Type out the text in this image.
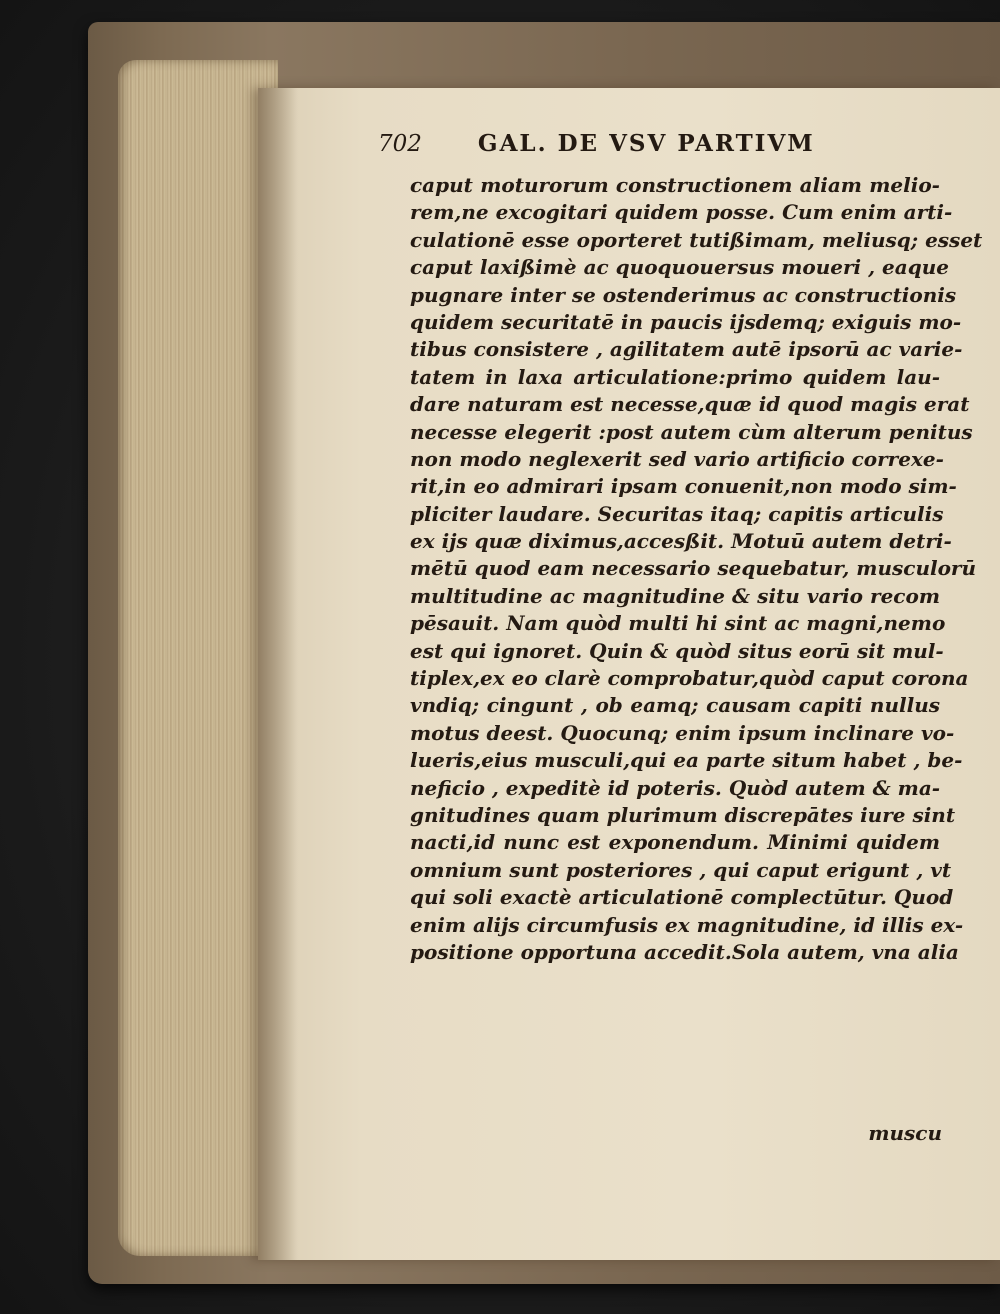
702 GAL. DE VSV PARTIVM
caput moturorum constructionem aliam melio-
rem,ne excogitari quidem posse. Cum enim arti-
culationē esse oporteret tutißimam, meliusq; esset
caput laxißimè ac quoquouersus moueri , eaque
pugnare inter se ostenderimus ac constructionis
quidem securitatē in paucis ijsdemq; exiguis mo-
tibus consistere , agilitatem autē ipsorū ac varie-
tatem in laxa articulatione:primo quidem lau-
dare naturam est necesse,quæ id quod magis erat
necesse elegerit :post autem cùm alterum penitus
non modo neglexerit sed vario artificio correxe-
rit,in eo admirari ipsam conuenit,non modo sim-
pliciter laudare. Securitas itaq; capitis articulis
ex ijs quæ diximus,accesßit. Motuū autem detri-
mētū quod eam necessario sequebatur, musculorū
multitudine ac magnitudine & situ vario recom
pēsauit. Nam quòd multi hi sint ac magni,nemo
est qui ignoret. Quin & quòd situs eorū sit mul-
tiplex,ex eo clarè comprobatur,quòd caput corona
vndiq; cingunt , ob eamq; causam capiti nullus
motus deest. Quocunq; enim ipsum inclinare vo-
lueris,eius musculi,qui ea parte situm habet , be-
neficio , expeditè id poteris. Quòd autem & ma-
gnitudines quam plurimum discrepātes iure sint
nacti,id nunc est exponendum. Minimi quidem
omnium sunt posteriores , qui caput erigunt , vt
qui soli exactè articulationē complectūtur. Quod
enim alijs circumfusis ex magnitudine, id illis ex-
positione opportuna accedit.Sola autem, vna alia
muscu
